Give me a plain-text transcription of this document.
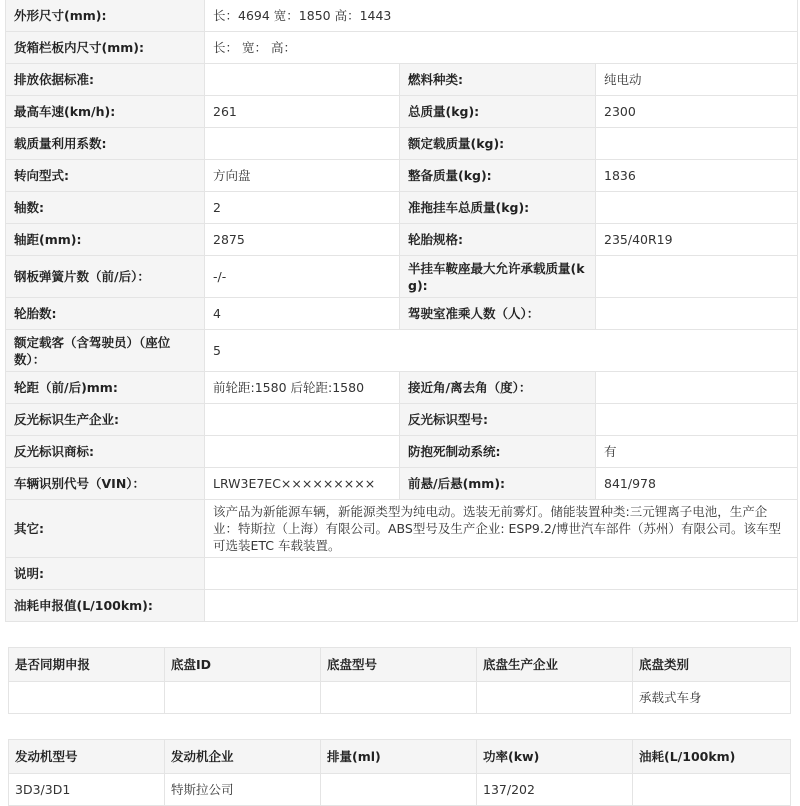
外形尺寸(mm):	长：4694 宽：1850 高：1443		
货箱栏板内尺寸(mm):	长： 宽： 高：		
排放依据标准:		燃料种类:	纯电动
最高车速(km/h):	261	总质量(kg):	2300
载质量利用系数:		额定载质量(kg):	
转向型式:	方向盘	整备质量(kg):	1836
轴数:	2	准拖挂车总质量(kg):	
轴距(mm):	2875	轮胎规格:	235/40R19
钢板弹簧片数（前/后）：	-/-	半挂车鞍座最大允许承载质量(kg):	
轮胎数:	4	驾驶室准乘人数（人）：	
额定载客（含驾驶员）（座位数）：	5		
轮距（前/后)mm:	前轮距:1580 后轮距:1580	接近角/离去角（度）：	
反光标识生产企业:		反光标识型号:	
反光标识商标:		防抱死制动系统:	有
车辆识别代号（VIN）：	LRW3E7EC×××××××××	前悬/后悬(mm):	841/978
其它:	该产品为新能源车辆，新能源类型为纯电动。选装无前雾灯。储能装置种类:三元锂离子电池，生产企业：特斯拉（上海）有限公司。ABS型号及生产企业: ESP9.2/博世汽车部件（苏州）有限公司。该车型可选装ETC 车载装置。		
说明:			
油耗申报值(L/100km):			
是否同期申报	底盘ID	底盘型号	底盘生产企业	底盘类别
				承载式车身
发动机型号	发动机企业	排量(ml)	功率(kw)	油耗(L/100km)
3D3/3D1	特斯拉公司		137/202	
